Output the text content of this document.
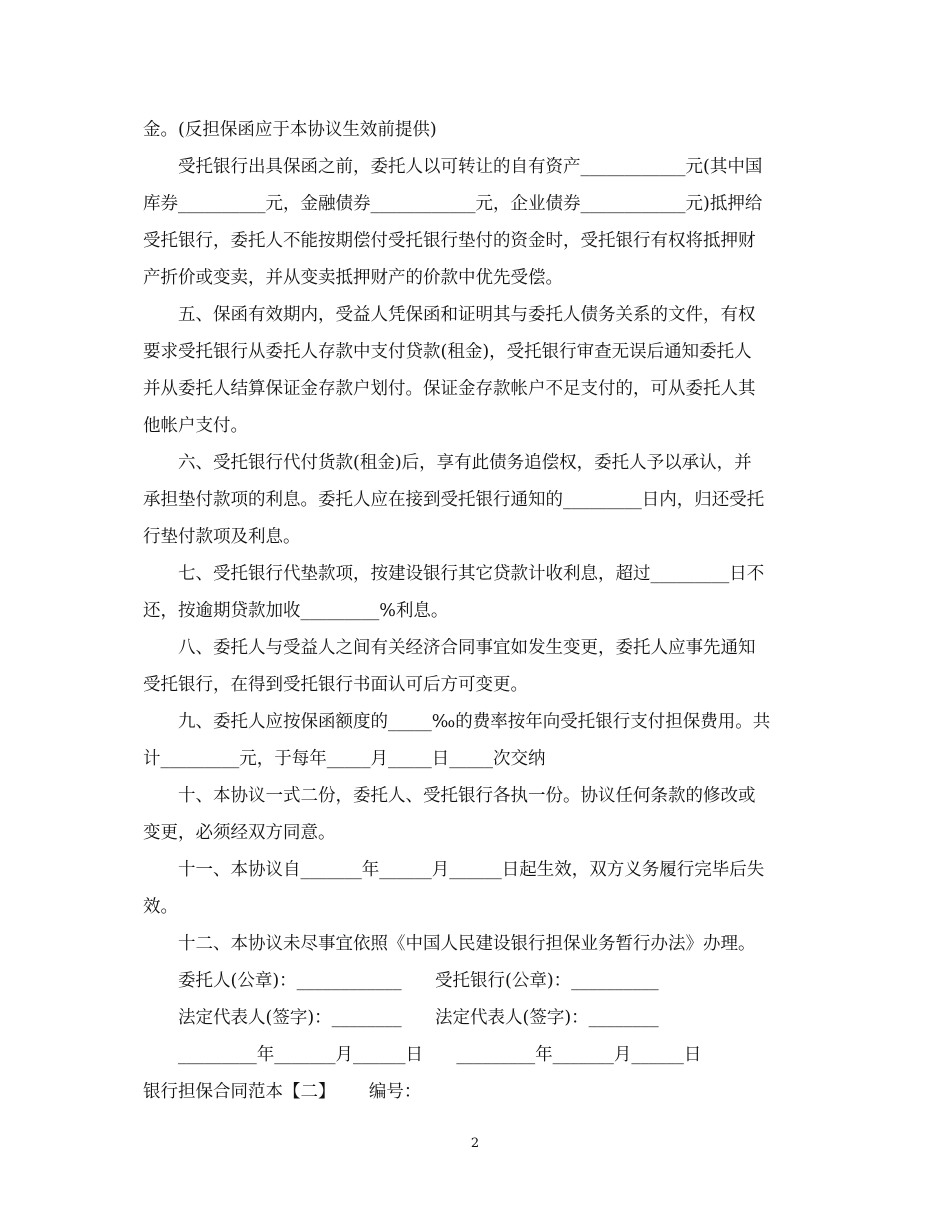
金。(反担保函应于本协议生效前提供)
受托银行出具保函之前，委托人以可转让的自有资产____________元(其中国
库券__________元，金融债券____________元，企业债券____________元)抵押给
受托银行，委托人不能按期偿付受托银行垫付的资金时，受托银行有权将抵押财
产折价或变卖，并从变卖抵押财产的价款中优先受偿。
五、保函有效期内，受益人凭保函和证明其与委托人债务关系的文件，有权
要求受托银行从委托人存款中支付贷款(租金)，受托银行审查无误后通知委托人
并从委托人结算保证金存款户划付。保证金存款帐户不足支付的，可从委托人其
他帐户支付。
六、受托银行代付货款(租金)后，享有此债务追偿权，委托人予以承认，并
承担垫付款项的利息。委托人应在接到受托银行通知的_________日内，归还受托
行垫付款项及利息。
七、受托银行代垫款项，按建设银行其它贷款计收利息，超过_________日不
还，按逾期贷款加收_________%利息。
八、委托人与受益人之间有关经济合同事宜如发生变更，委托人应事先通知
受托银行，在得到受托银行书面认可后方可变更。
九、委托人应按保函额度的_____‰的费率按年向受托银行支付担保费用。共
计_________元，于每年_____月_____日_____次交纳
十、本协议一式二份，委托人、受托银行各执一份。协议任何条款的修改或
变更，必须经双方同意。
十一、本协议自_______年______月______日起生效，双方义务履行完毕后失
效。
十二、本协议未尽事宜依照《中国人民建设银行担保业务暂行办法》办理。
委托人(公章)：____________      受托银行(公章)：__________
法定代表人(签字)：________      法定代表人(签字)：________
_________年_______月______日      _________年_______月______日
银行担保合同范本【二】      编号：
2
